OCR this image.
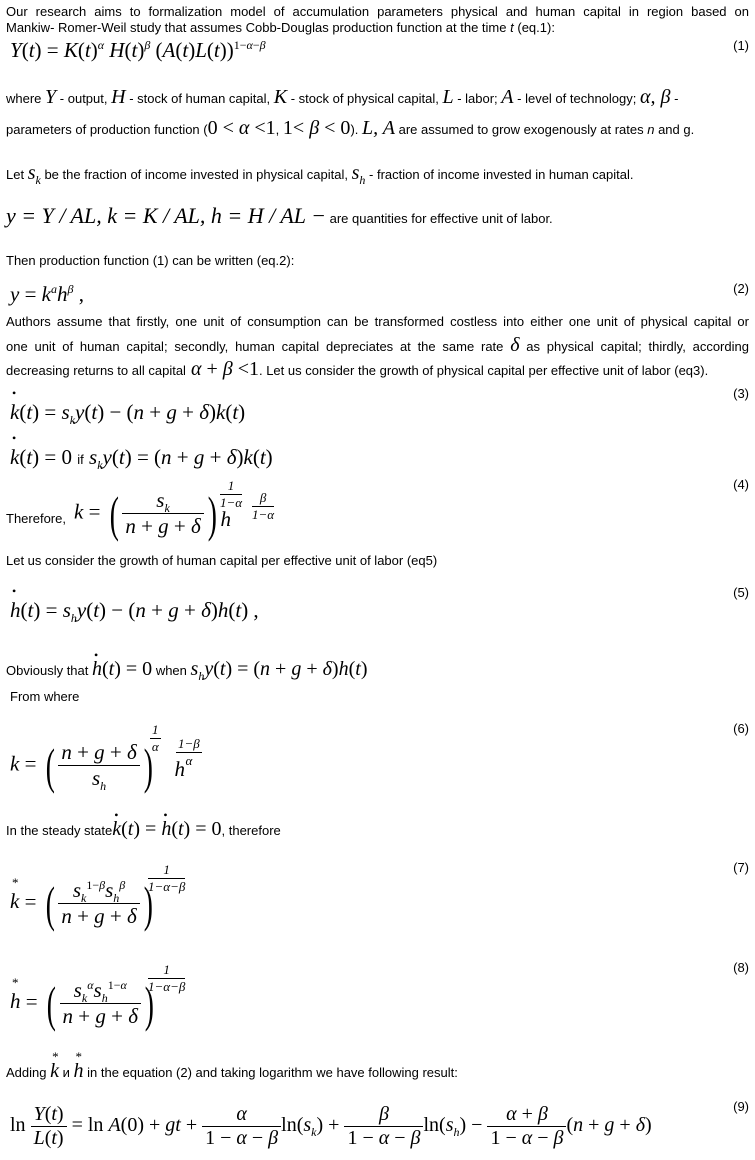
Our research aims to formalization model of accumulation parameters physical and human capital in region based on
Mankiw- Romer-Weil study that assumes Cobb-Douglas production function at the time t (eq.1):
$Y(t) = K(t)^\alpha$ $H(t)^\beta$ $(A(t)L(t))^{1-\alpha-\beta}$	(1)
where Y - output, H - stock of human capital, K - stock of physical capital, L - labor; A - level of technology; α, β -
parameters of production function (0 < α <1, 1< β < 0). L, A are assumed to grow exogenously at rates n and g.
Let $s_k$ be the fraction of income invested in physical capital, $s_h$ - fraction of income invested in human capital.
y = Y / AL, k = K / AL, h = H / AL − are quantities for effective unit of labor.
Then production function (1) can be written (eq.2):
$y = k^ah^\beta$ ,	(2)
Authors assume that firstly, one unit of consumption can be transformed costless into either one unit of physical capital or
one unit of human capital; secondly, human capital depreciates at the same rate δ as physical capital; thirdly, according
decreasing returns to all capital α + β <1. Let us consider the growth of physical capital per effective unit of labor (eq3).
(3)
• $k(t) = s_ky(t) - (n + g + \delta)k(t)$
• k(t) = 0 if $s_ky(t) = (n + g + \delta)k(t)$
(4)
Therefore, k = ( $\frac{s_k}{n + g + \delta}$ ) h
1
1−α	β
1−α
Let us consider the growth of human capital per effective unit of labor (eq5)
(5)
• $h(t) = s_hy(t) - (n + g + \delta)h(t)$ ,
Obviously that • h(t) = 0 when $s_hy(t) = (n + g + \delta)h(t)$
From where
(6)
k = ( $\frac{n + g + \delta}{s_h}$ ) h
1
α 1−β
α
In the steady state• k(t) = • h(t) = 0, therefore
(7)
* k = ( $s_k^{1-\beta}s_h^\beta$
n + g + δ )
1
1−α−β
(8)
* h = ( $s_k^\alpha s_h^{1-\alpha}$
n + g + δ )
1
1−α−β
Adding * k и * h in the equation (2) and taking logarithm we have following result:
(9)
$\ln \frac{Y(t)}{L(t)} = \ln A(0)$ + gt + $\frac{\alpha}{1 - \alpha - \beta} \ln(s_k) + \frac{\beta}{1 - \alpha - \beta} \ln(s_h) - \frac{\alpha + \beta}{1 - \alpha - \beta} (n + g + \delta)$
